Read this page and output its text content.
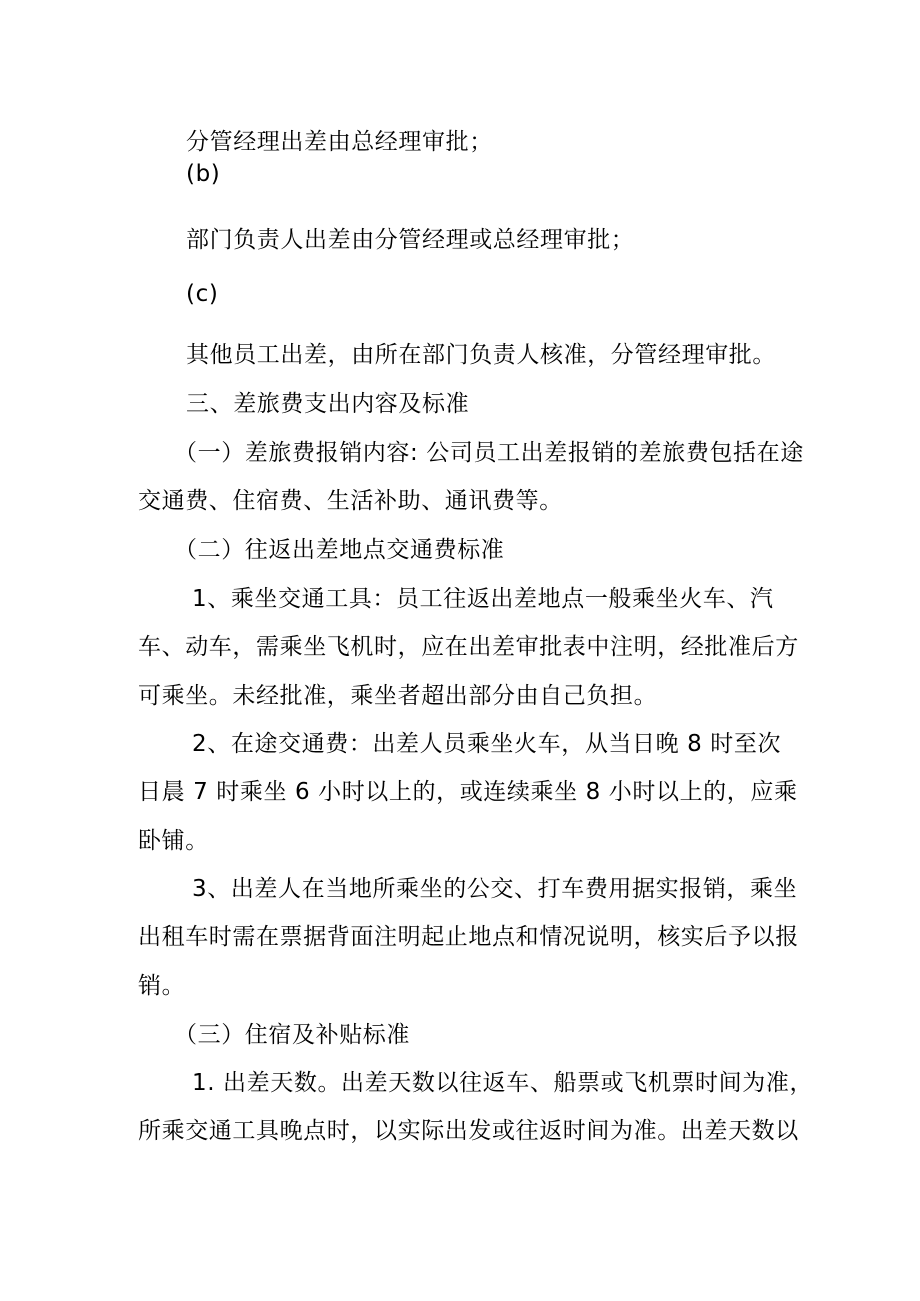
分管经理出差由总经理审批；
(b)
部门负责人出差由分管经理或总经理审批；
(c)
其他员工出差，由所在部门负责人核准，分管经理审批。
三、差旅费支出内容及标准
（一）差旅费报销内容: 公司员工出差报销的差旅费包括在途
交通费、住宿费、生活补助、通讯费等。
（二）往返出差地点交通费标准
1、乘坐交通工具：员工往返出差地点一般乘坐火车、汽
车、动车，需乘坐飞机时，应在出差审批表中注明，经批准后方
可乘坐。未经批准，乘坐者超出部分由自己负担。
2、在途交通费：出差人员乘坐火车，从当日晚 8 时至次
日晨 7 时乘坐 6 小时以上的，或连续乘坐 8 小时以上的，应乘
卧铺。
3、出差人在当地所乘坐的公交、打车费用据实报销，乘坐
出租车时需在票据背面注明起止地点和情况说明，核实后予以报
销。
（三）住宿及补贴标准
1. 出差天数。出差天数以往返车、船票或飞机票时间为准，
所乘交通工具晚点时，以实际出发或往返时间为准。出差天数以
